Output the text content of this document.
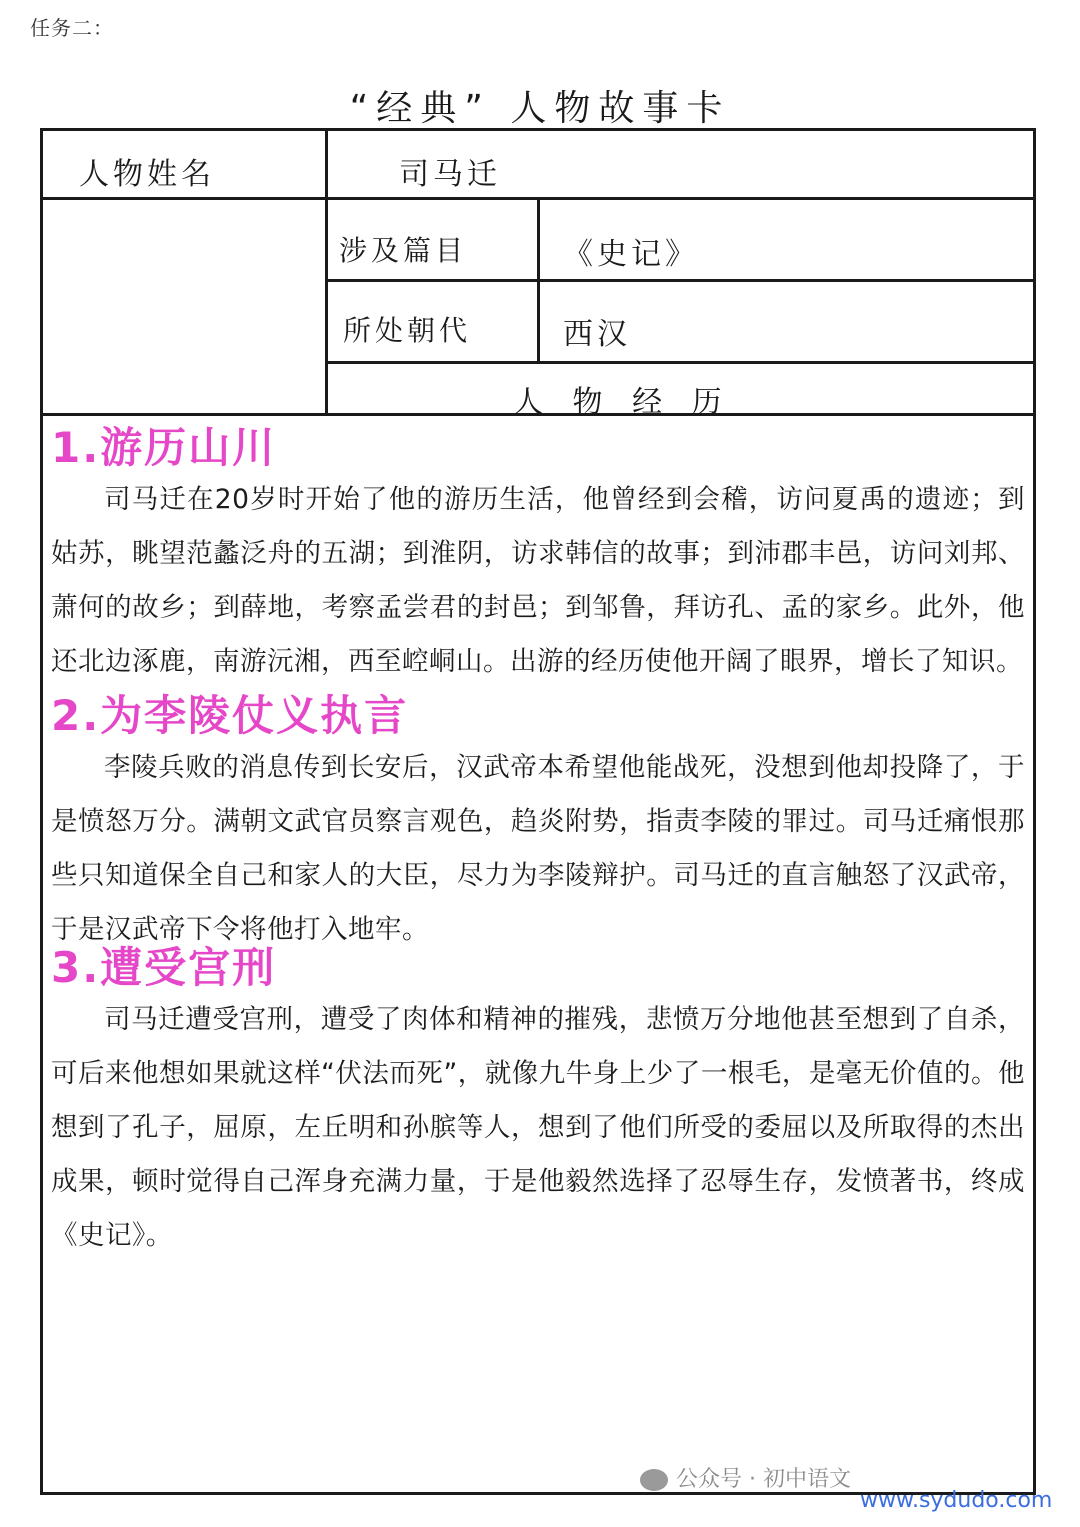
任务二：
“经典” 人物故事卡
人物姓名	司马迁
涉及篇目	《史记》
所处朝代	西汉
人 物 经 历
1.游历山川

司马迁在20岁时开始了他的游历生活，他曾经到会稽，访问夏禹的遗迹；到姑苏，眺望范蠡泛舟的五湖；到淮阴，访求韩信的故事；到沛郡丰邑，访问刘邦、萧何的故乡；到薛地，考察孟尝君的封邑；到邹鲁，拜访孔、孟的家乡。此外，他还北边涿鹿，南游沅湘，西至崆峒山。出游的经历使他开阔了眼界，增长了知识。

2.为李陵仗义执言

李陵兵败的消息传到长安后，汉武帝本希望他能战死，没想到他却投降了，于是愤怒万分。满朝文武官员察言观色，趋炎附势，指责李陵的罪过。司马迁痛恨那些只知道保全自己和家人的大臣，尽力为李陵辩护。司马迁的直言触怒了汉武帝，于是汉武帝下令将他打入地牢。

3.遭受宫刑

司马迁遭受宫刑，遭受了肉体和精神的摧残，悲愤万分地他甚至想到了自杀，可后来他想如果就这样“伏法而死”，就像九牛身上少了一根毛，是毫无价值的。他想到了孔子，屈原，左丘明和孙膑等人，想到了他们所受的委屈以及所取得的杰出成果，顿时觉得自己浑身充满力量，于是他毅然选择了忍辱生存，发愤著书，终成《史记》。

公众号 · 初中语文
www.sydudo.com
